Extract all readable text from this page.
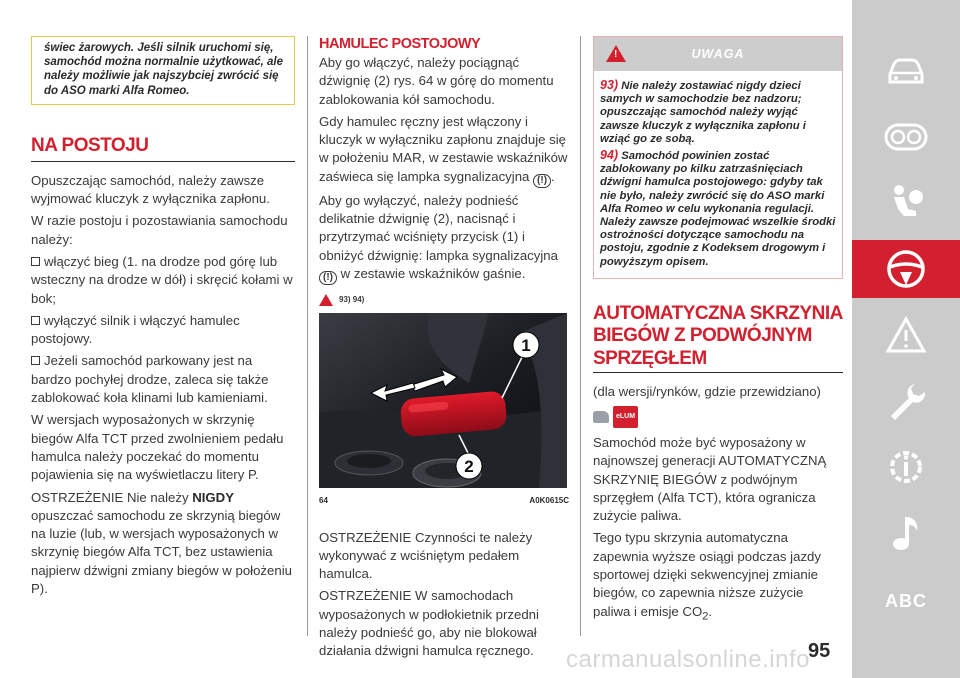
świec żarowych. Jeśli silnik uruchomi się, samochód można normalnie użytkować, ale należy możliwie jak najszybciej zwrócić się do ASO marki Alfa Romeo.
NA POSTOJU

Opuszczając samochód, należy zawsze wyjmować kluczyk z wyłącznika zapłonu.

W razie postoju i pozostawiania samochodu należy:

włączyć bieg (1. na drodze pod górę lub wsteczny na drodze w dół) i skręcić kołami w bok;

wyłączyć silnik i włączyć hamulec postojowy.

Jeżeli samochód parkowany jest na bardzo pochyłej drodze, zaleca się także zablokować koła klinami lub kamieniami.

W wersjach wyposażonych w skrzynię biegów Alfa TCT przed zwolnieniem pedału hamulca należy poczekać do momentu pojawienia się na wyświetlaczu litery P.

OSTRZEŻENIE Nie należy NIGDY opuszczać samochodu ze skrzynią biegów na luzie (lub, w wersjach wyposażonych w skrzynię biegów Alfa TCT, bez ustawienia najpierw dźwigni zmiany biegów w położeniu P).

HAMULEC POSTOJOWY

Aby go włączyć, należy pociągnąć dźwignię (2) rys. 64 w górę do momentu zablokowania kół samochodu.

Gdy hamulec ręczny jest włączony i kluczyk w wyłączniku zapłonu znajduje się w położeniu MAR, w zestawie wskaźników zaświeca się lampka sygnalizacyjna (!) .

Aby go wyłączyć, należy podnieść delikatnie dźwignię (2), nacisnąć i przytrzymać wciśnięty przycisk (1) i obniżyć dźwignię: lampka sygnalizacyjna (!) w zestawie wskaźników gaśnie.

93) 94)
1
2
64	A0K0615C

OSTRZEŻENIE Czynności te należy wykonywać z wciśniętym pedałem hamulca.

OSTRZEŻENIE W samochodach wyposażonych w podłokietnik przedni należy podnieść go, aby nie blokował działania dźwigni hamulca ręcznego.

!	UWAGA

93) Nie należy zostawiać nigdy dzieci samych w samochodzie bez nadzoru; opuszczając samochód należy wyjąć zawsze kluczyk z wyłącznika zapłonu i wziąć go ze sobą.

94) Samochód powinien zostać zablokowany po kilku zatrzaśnięciach dźwigni hamulca postojowego: gdyby tak nie było, należy zwrócić się do ASO marki Alfa Romeo w celu wykonania regulacji. Należy zawsze podejmować wszelkie środki ostrożności dotyczące samochodu na postoju, zgodnie z Kodeksem drogowym i powyższym opisem.

AUTOMATYCZNA SKRZYNIA BIEGÓW Z PODWÓJNYM SPRZĘGŁEM

(dla wersji/rynków, gdzie przewidziano)

eLUM

Samochód może być wyposażony w najnowszej generacji AUTOMATYCZNĄ SKRZYNIĘ BIEGÓW z podwójnym sprzęgłem (Alfa TCT), która ogranicza zużycie paliwa.

Tego typu skrzynia automatyczna zapewnia wyższe osiągi podczas jazdy sportowej dzięki sekwencyjnej zmianie biegów, co zapewnia niższe zużycie paliwa i emisje $CO_2$.

ABC
95
carmanualsonline.info
